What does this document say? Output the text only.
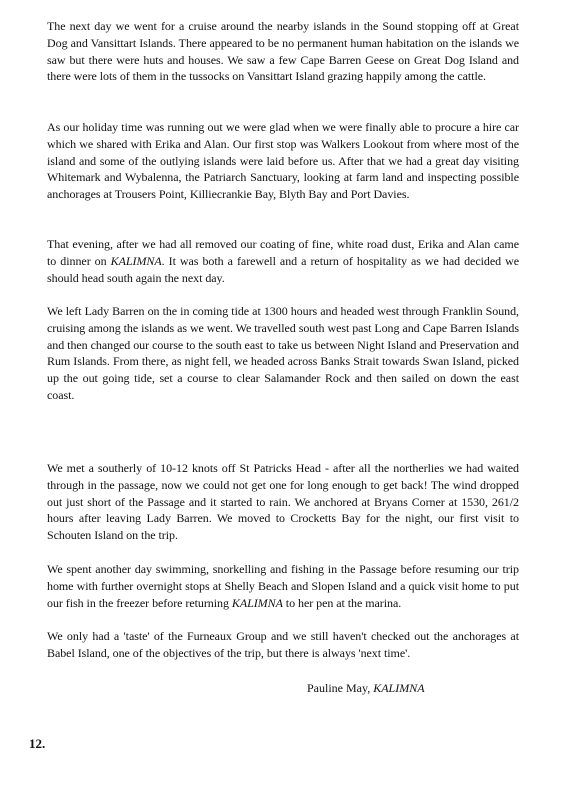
The next day we went for a cruise around the nearby islands in the Sound stopping off at Great Dog and Vansittart Islands. There appeared to be no permanent human habitation on the islands we saw but there were huts and houses. We saw a few Cape Barren Geese on Great Dog Island and there were lots of them in the tussocks on Vansittart Island grazing happily among the cattle.

As our holiday time was running out we were glad when we were finally able to procure a hire car which we shared with Erika and Alan. Our first stop was Walkers Lookout from where most of the island and some of the outlying islands were laid before us. After that we had a great day visiting Whitemark and Wybalenna, the Patriarch Sanctuary, looking at farm land and inspecting possible anchorages at Trousers Point, Killiecrankie Bay, Blyth Bay and Port Davies.

That evening, after we had all removed our coating of fine, white road dust, Erika and Alan came to dinner on KALIMNA. It was both a farewell and a return of hospitality as we had decided we should head south again the next day.

We left Lady Barren on the in coming tide at 1300 hours and headed west through Franklin Sound, cruising among the islands as we went. We travelled south west past Long and Cape Barren Islands and then changed our course to the south east to take us between Night Island and Preservation and Rum Islands. From there, as night fell, we headed across Banks Strait towards Swan Island, picked up the out going tide, set a course to clear Salamander Rock and then sailed on down the east coast.

We met a southerly of 10-12 knots off St Patricks Head - after all the northerlies we had waited through in the passage, now we could not get one for long enough to get back! The wind dropped out just short of the Passage and it started to rain. We anchored at Bryans Corner at 1530, 261/2 hours after leaving Lady Barren. We moved to Crocketts Bay for the night, our first visit to Schouten Island on the trip.

We spent another day swimming, snorkelling and fishing in the Passage before resuming our trip home with further overnight stops at Shelly Beach and Slopen Island and a quick visit home to put our fish in the freezer before returning KALIMNA to her pen at the marina.

We only had a 'taste' of the Furneaux Group and we still haven't checked out the anchorages at Babel Island, one of the objectives of the trip, but there is always 'next time'.

Pauline May, KALIMNA

12.
